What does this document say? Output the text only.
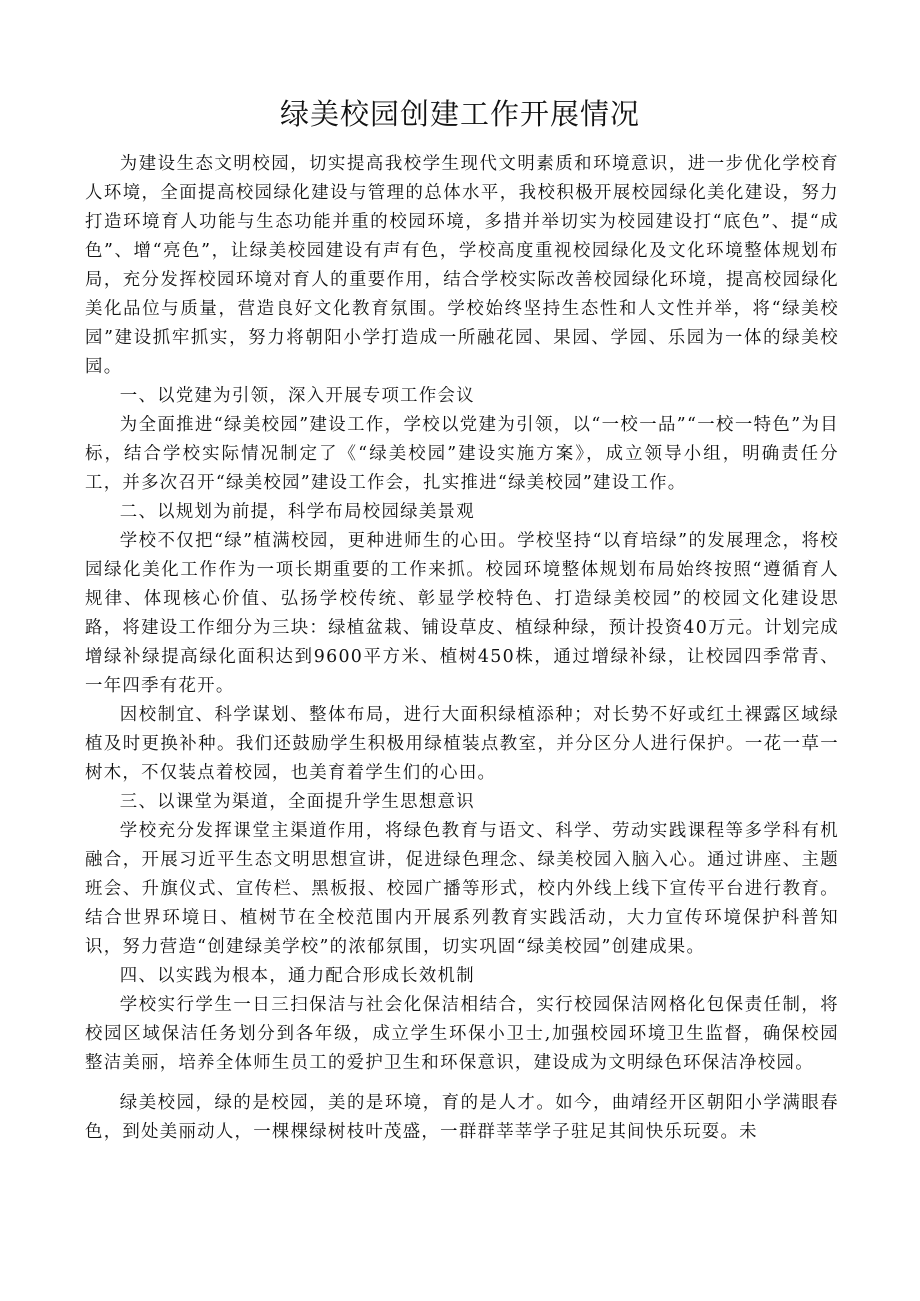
绿美校园创建工作开展情况

为建设生态文明校园，切实提高我校学生现代文明素质和环境意识，进一步优化学校育人环境，全面提高校园绿化建设与管理的总体水平，我校积极开展校园绿化美化建设，努力打造环境育人功能与生态功能并重的校园环境，多措并举切实为校园建设打“底色”、提“成色”、增“亮色”，让绿美校园建设有声有色，学校高度重视校园绿化及文化环境整体规划布局，充分发挥校园环境对育人的重要作用，结合学校实际改善校园绿化环境，提高校园绿化美化品位与质量，营造良好文化教育氛围。学校始终坚持生态性和人文性并举，将“绿美校园”建设抓牢抓实，努力将朝阳小学打造成一所融花园、果园、学园、乐园为一体的绿美校园。

一、以党建为引领，深入开展专项工作会议

为全面推进“绿美校园”建设工作，学校以党建为引领，以“一校一品”“一校一特色”为目标，结合学校实际情况制定了《“绿美校园”建设实施方案》，成立领导小组，明确责任分工，并多次召开“绿美校园”建设工作会，扎实推进“绿美校园”建设工作。

二、以规划为前提，科学布局校园绿美景观

学校不仅把“绿”植满校园，更种进师生的心田。学校坚持“以育培绿”的发展理念，将校园绿化美化工作作为一项长期重要的工作来抓。校园环境整体规划布局始终按照“遵循育人规律、体现核心价值、弘扬学校传统、彰显学校特色、打造绿美校园”的校园文化建设思路，将建设工作细分为三块：绿植盆栽、铺设草皮、植绿种绿，预计投资40万元。计划完成增绿补绿提高绿化面积达到9600平方米、植树450株，通过增绿补绿，让校园四季常青、一年四季有花开。

因校制宜、科学谋划、整体布局，进行大面积绿植添种；对长势不好或红土裸露区域绿植及时更换补种。我们还鼓励学生积极用绿植装点教室，并分区分人进行保护。一花一草一树木，不仅装点着校园，也美育着学生们的心田。

三、以课堂为渠道，全面提升学生思想意识

学校充分发挥课堂主渠道作用，将绿色教育与语文、科学、劳动实践课程等多学科有机融合，开展习近平生态文明思想宣讲，促进绿色理念、绿美校园入脑入心。通过讲座、主题班会、升旗仪式、宣传栏、黑板报、校园广播等形式，校内外线上线下宣传平台进行教育。结合世界环境日、植树节在全校范围内开展系列教育实践活动，大力宣传环境保护科普知识，努力营造“创建绿美学校”的浓郁氛围，切实巩固“绿美校园”创建成果。

四、以实践为根本，通力配合形成长效机制

学校实行学生一日三扫保洁与社会化保洁相结合，实行校园保洁网格化包保责任制，将校园区域保洁任务划分到各年级，成立学生环保小卫士,加强校园环境卫生监督，确保校园整洁美丽，培养全体师生员工的爱护卫生和环保意识，建设成为文明绿色环保洁净校园。

绿美校园，绿的是校园，美的是环境，育的是人才。如今，曲靖经开区朝阳小学满眼春色，到处美丽动人，一棵棵绿树枝叶茂盛，一群群莘莘学子驻足其间快乐玩耍。未
